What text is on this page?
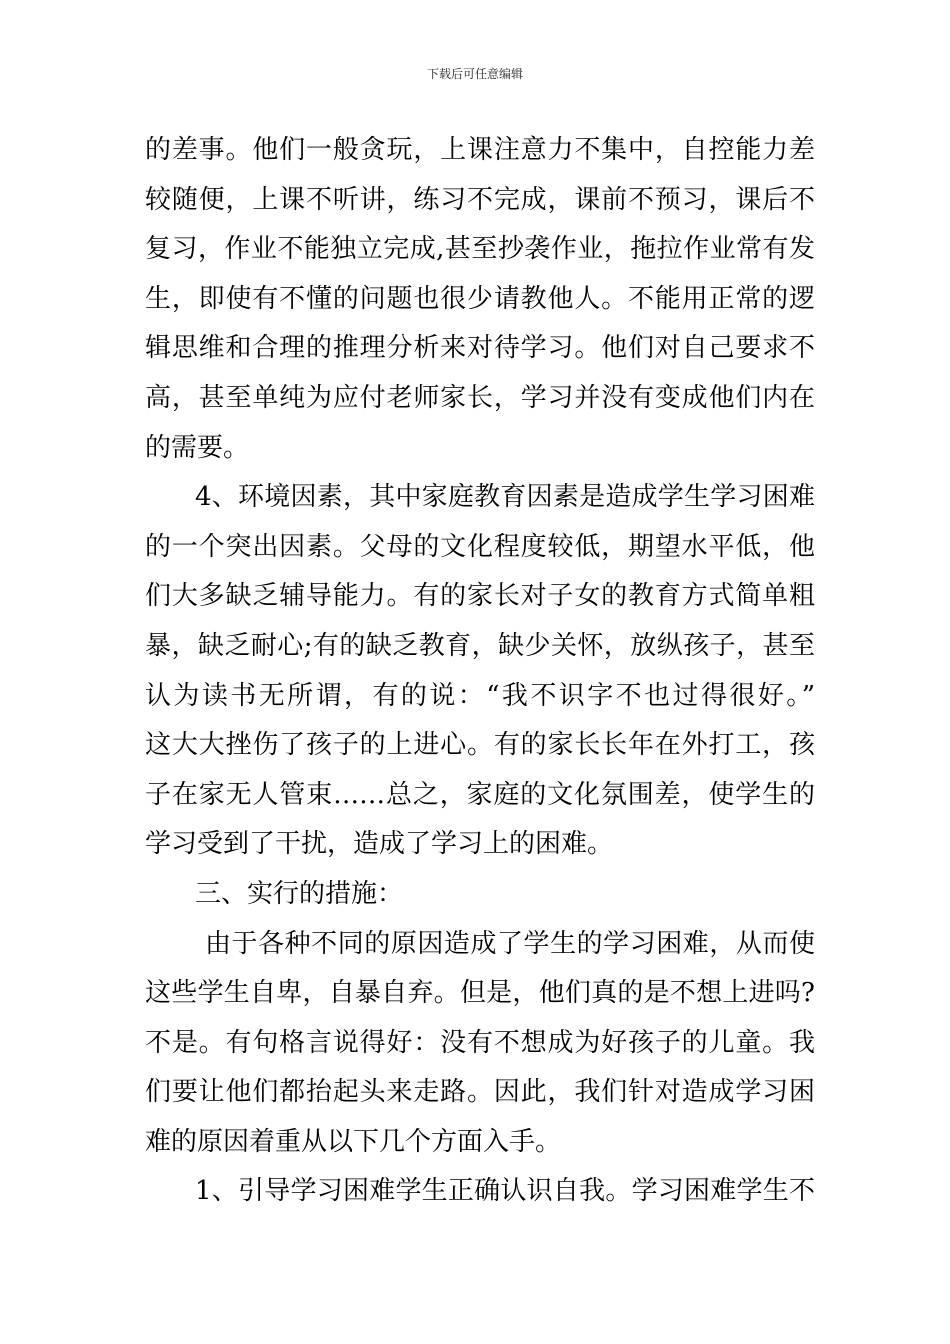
下载后可任意编辑
的差事。他们一般贪玩，上课注意力不集中，自控能力差
较随便，上课不听讲，练习不完成，课前不预习，课后不
复习，作业不能独立完成,甚至抄袭作业，拖拉作业常有发
生，即使有不懂的问题也很少请教他人。不能用正常的逻
辑思维和合理的推理分析来对待学习。他们对自己要求不
高，甚至单纯为应付老师家长，学习并没有变成他们内在
的需要。
4、环境因素，其中家庭教育因素是造成学生学习困难
的一个突出因素。父母的文化程度较低，期望水平低，他
们大多缺乏辅导能力。有的家长对子女的教育方式简单粗
暴，缺乏耐心;有的缺乏教育，缺少关怀，放纵孩子，甚至
认为读书无所谓，有的说：“我不识字不也过得很好。”
这大大挫伤了孩子的上进心。有的家长长年在外打工，孩
子在家无人管束……总之，家庭的文化氛围差，使学生的
学习受到了干扰，造成了学习上的困难。
三、实行的措施：
由于各种不同的原因造成了学生的学习困难，从而使
这些学生自卑，自暴自弃。但是，他们真的是不想上进吗?
不是。有句格言说得好：没有不想成为好孩子的儿童。我
们要让他们都抬起头来走路。因此，我们针对造成学习困
难的原因着重从以下几个方面入手。
1、引导学习困难学生正确认识自我。学习困难学生不
